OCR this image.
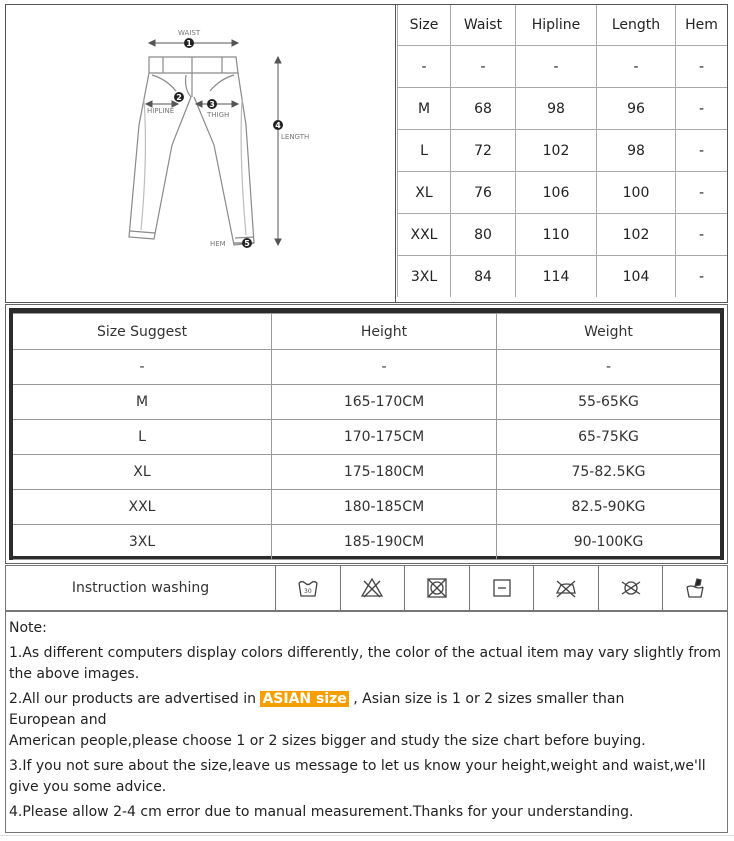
1
2
3
4
5
WAIST
HIPLINE	THIGH
LENGTH
HEM
Size	Waist	Hipline	Length	Hem
-	-	-	-	-
M	68	98	96	-
L	72	102	98	-
XL	76	106	100	-
XXL	80	110	102	-
3XL	84	114	104	-
Size Suggest	Height	Weight
-	-	-
M	165-170CM	55-65KG
L	170-175CM	65-75KG
XL	175-180CM	75-82.5KG
XXL	180-185CM	82.5-90KG
3XL	185-190CM	90-100KG
Instruction washing	30

Note:

1.As different computers display colors differently, the color of the actual item may vary slightly from the above images.

2.All our products are advertised in ASIAN size , Asian size is 1 or 2 sizes smaller than

European and

American people,please choose 1 or 2 sizes bigger and study the size chart before buying.

3.If you not sure about the size,leave us message to let us know your height,weight and waist,we'll give you some advice.

4.Please allow 2-4 cm error due to manual measurement.Thanks for your understanding.
